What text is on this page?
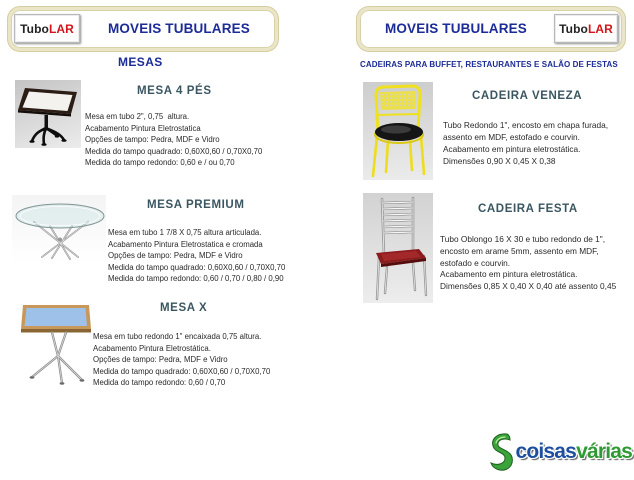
Tubo LAR	MOVEIS TUBULARES	MOVEIS TUBULARES	Tubo LAR
MESAS	CADEIRAS PARA BUFFET, RESTAURANTES E SALÃO DE FESTAS
MESA 4 PÉS
Mesa em tubo 2", 0,75  altura.
Acabamento Pintura Eletrostatica
Opções de tampo: Pedra, MDF e Vidro
Medida do tampo quadrado: 0,60X0,60 / 0,70X0,70
Medida do tampo redondo: 0,60 e / ou 0,70
MESA PREMIUM
Mesa em tubo 1 7/8 X 0,75 altura articulada.
Acabamento Pintura Eletrostatica e cromada
Opções de tampo: Pedra, MDF e Vidro
Medida do tampo quadrado: 0,60X0,60 / 0,70X0,70
Medida do tampo redondo: 0,60 / 0,70 / 0,80 / 0,90
MESA X
Mesa em tubo redondo 1" encaixada 0,75 altura.
Acabamento Pintura Eletrostática.
Opções de tampo: Pedra, MDF e Vidro
Medida do tampo quadrado: 0,60X0,60 / 0,70X0,70
Medida do tampo redondo: 0,60 / 0,70
CADEIRA VENEZA
Tubo Redondo 1", encosto em chapa furada,
assento em MDF, estofado e courvin.
Acabamento em pintura eletrostática.
Dimensões 0,90 X 0,45 X 0,38
CADEIRA FESTA
Tubo Oblongo 16 X 30 e tubo redondo de 1",
encosto em arame 5mm, assento em MDF,
estofado e courvin.
Acabamento em pintura eletrostática.
Dimensões 0,85 X 0,40 X 0,40 até assento 0,45
coisasvárias
